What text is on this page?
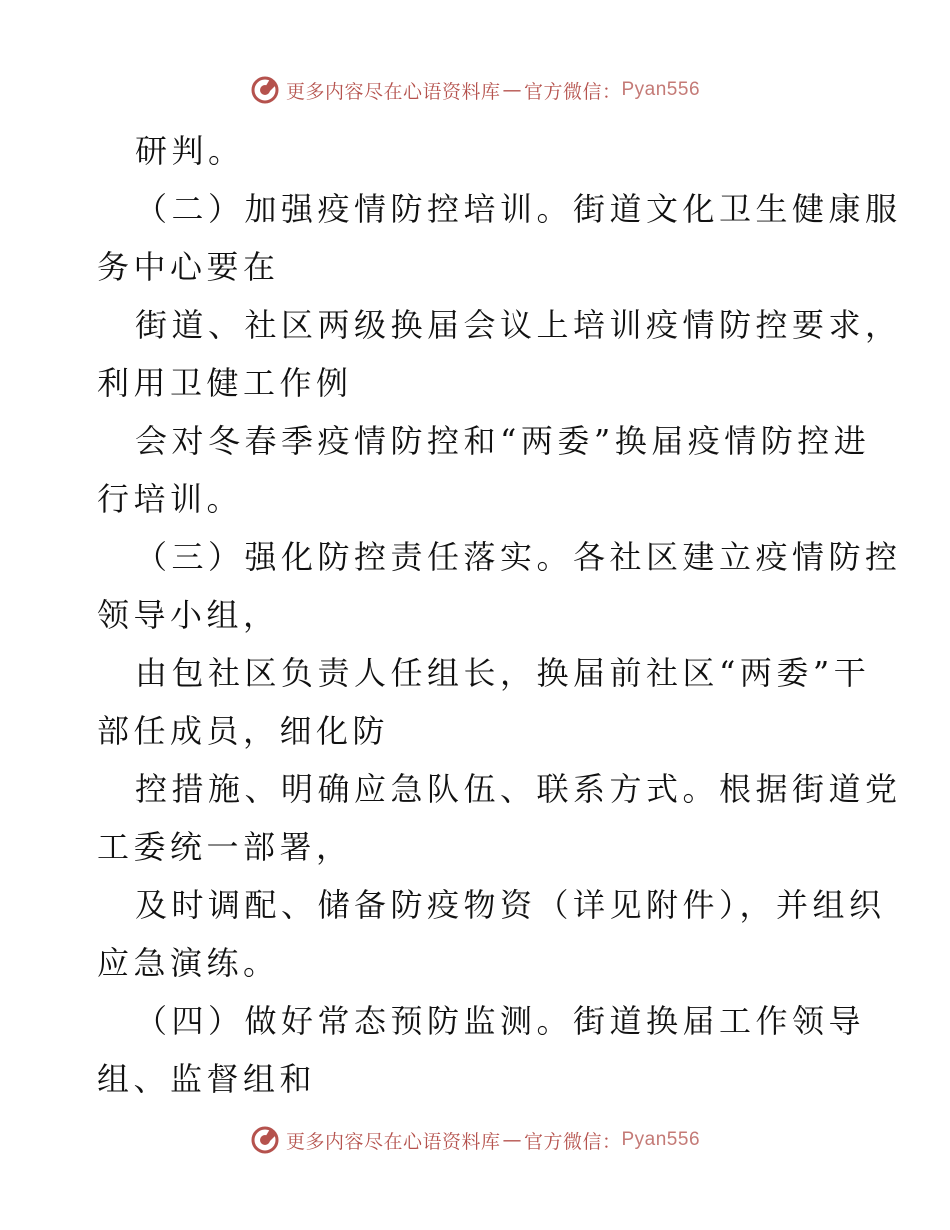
更多内容尽在心语资料库 — 官方微信： Pyan556
研判。
（二）加强疫情防控培训。街道文化卫生健康服
务中心要在
街道、社区两级换届会议上培训疫情防控要求，
利用卫健工作例
会对冬春季疫情防控和“两委”换届疫情防控进
行培训。
（三）强化防控责任落实。各社区建立疫情防控
领导小组，
由包社区负责人任组长，换届前社区“两委”干
部任成员，细化防
控措施、明确应急队伍、联系方式。根据街道党
工委统一部署，
及时调配、储备防疫物资（详见附件），并组织
应急演练。
（四）做好常态预防监测。街道换届工作领导
组、监督组和
更多内容尽在心语资料库 — 官方微信： Pyan556
